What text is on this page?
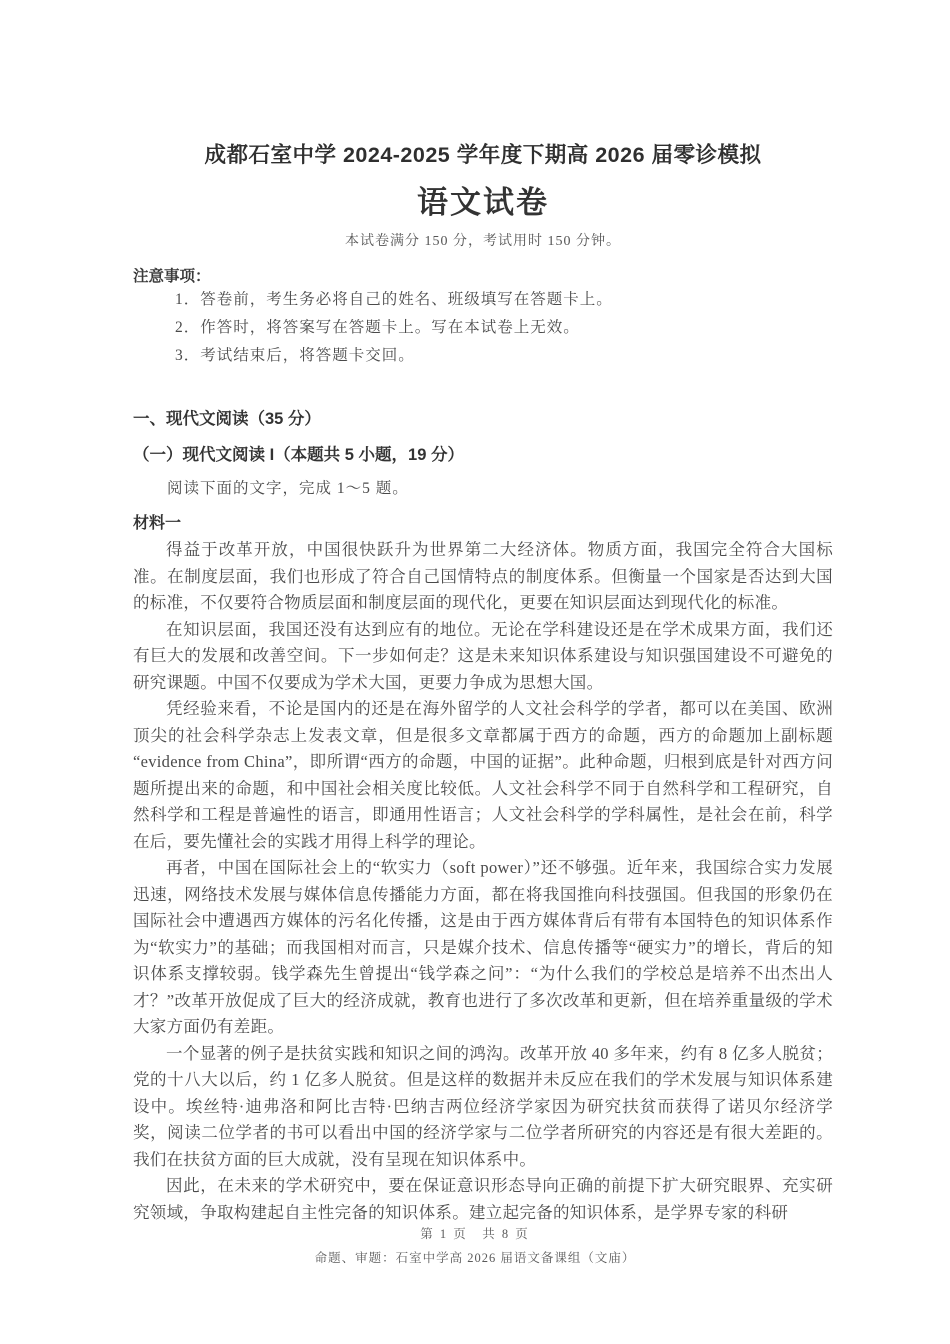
成都石室中学 2024-2025 学年度下期高 2026 届零诊模拟
语文试卷
本试卷满分 150 分，考试用时 150 分钟。
注意事项：

1．答卷前，考生务必将自己的姓名、班级填写在答题卡上。

2．作答时，将答案写在答题卡上。写在本试卷上无效。

3．考试结束后，将答题卡交回。

一、现代文阅读（35 分）
（一）现代文阅读 I（本题共 5 小题，19 分）
阅读下面的文字，完成 1～5 题。
材料一

得益于改革开放，中国很快跃升为世界第二大经济体。物质方面，我国完全符合大国标准。在制度层面，我们也形成了符合自己国情特点的制度体系。但衡量一个国家是否达到大国的标准，不仅要符合物质层面和制度层面的现代化，更要在知识层面达到现代化的标准。

在知识层面，我国还没有达到应有的地位。无论在学科建设还是在学术成果方面，我们还有巨大的发展和改善空间。下一步如何走？这是未来知识体系建设与知识强国建设不可避免的研究课题。中国不仅要成为学术大国，更要力争成为思想大国。

凭经验来看，不论是国内的还是在海外留学的人文社会科学的学者，都可以在美国、欧洲顶尖的社会科学杂志上发表文章，但是很多文章都属于西方的命题，西方的命题加上副标题“evidence from China”，即所谓“西方的命题，中国的证据”。此种命题，归根到底是针对西方问题所提出来的命题，和中国社会相关度比较低。人文社会科学不同于自然科学和工程研究，自然科学和工程是普遍性的语言，即通用性语言；人文社会科学的学科属性，是社会在前，科学在后，要先懂社会的实践才用得上科学的理论。

再者，中国在国际社会上的“软实力（soft power）”还不够强。近年来，我国综合实力发展迅速，网络技术发展与媒体信息传播能力方面，都在将我国推向科技强国。但我国的形象仍在国际社会中遭遇西方媒体的污名化传播，这是由于西方媒体背后有带有本国特色的知识体系作为“软实力”的基础；而我国相对而言，只是媒介技术、信息传播等“硬实力”的增长，背后的知识体系支撑较弱。钱学森先生曾提出“钱学森之问”：“为什么我们的学校总是培养不出杰出人才？”改革开放促成了巨大的经济成就，教育也进行了多次改革和更新，但在培养重量级的学术大家方面仍有差距。

一个显著的例子是扶贫实践和知识之间的鸿沟。改革开放 40 多年来，约有 8 亿多人脱贫；党的十八大以后，约 1 亿多人脱贫。但是这样的数据并未反应在我们的学术发展与知识体系建设中。埃丝特·迪弗洛和阿比吉特·巴纳吉两位经济学家因为研究扶贫而获得了诺贝尔经济学奖，阅读二位学者的书可以看出中国的经济学家与二位学者所研究的内容还是有很大差距的。我们在扶贫方面的巨大成就，没有呈现在知识体系中。

因此，在未来的学术研究中，要在保证意识形态导向正确的前提下扩大研究眼界、充实研究领域，争取构建起自主性完备的知识体系。建立起完备的知识体系，是学界专家的科研

第 1 页　共 8 页
命题、审题：石室中学高 2026 届语文备课组（文庙）
